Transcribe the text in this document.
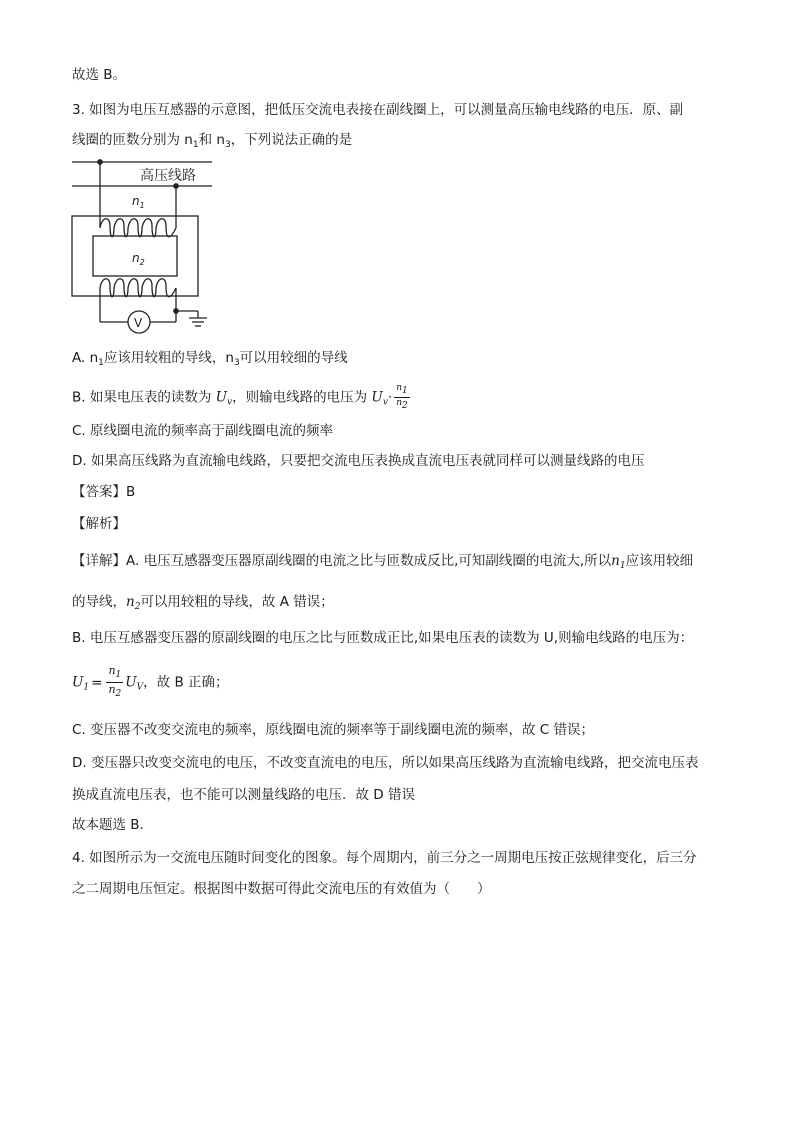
故选 B。
3. 如图为电压互感器的示意图，把低压交流电表接在副线圈上，可以测量高压输电线路的电压．原、副
线圈的匝数分别为 $n_1$和 $n_3$，下列说法正确的是
高压线路
$n_1$
$n_2$
V
A. $n_1$应该用较粗的导线，$n_3$可以用较细的导线
B. 如果电压表的读数为 $U_v$，则输电线路的电压为 $U_v\cdot \frac{n1}{n2}$
C. 原线圈电流的频率高于副线圈电流的频率
D. 如果高压线路为直流输电线路，只要把交流电压表换成直流电压表就同样可以测量线路的电压
【答案】B
【解析】
【详解】A. 电压互感器变压器原副线圈的电流之比与匝数成反比,可知副线圈的电流大,所以$n_1$应该用较细
的导线，$n_2$可以用较粗的导线，故 A 错误；
B. 电压互感器变压器的原副线圈的电压之比与匝数成正比,如果电压表的读数为 U,则输电线路的电压为：
$U_1 = \frac{n_1}{n_2} U_V$，故 B 正确；
C. 变压器不改变交流电的频率，原线圈电流的频率等于副线圈电流的频率，故 C 错误；
D. 变压器只改变交流电的电压，不改变直流电的电压，所以如果高压线路为直流输电线路，把交流电压表
换成直流电压表，也不能可以测量线路的电压．故 D 错误
故本题选 B．
4. 如图所示为一交流电压随时间变化的图象。每个周期内，前三分之一周期电压按正弦规律变化，后三分
之二周期电压恒定。根据图中数据可得此交流电压的有效值为（　　）
